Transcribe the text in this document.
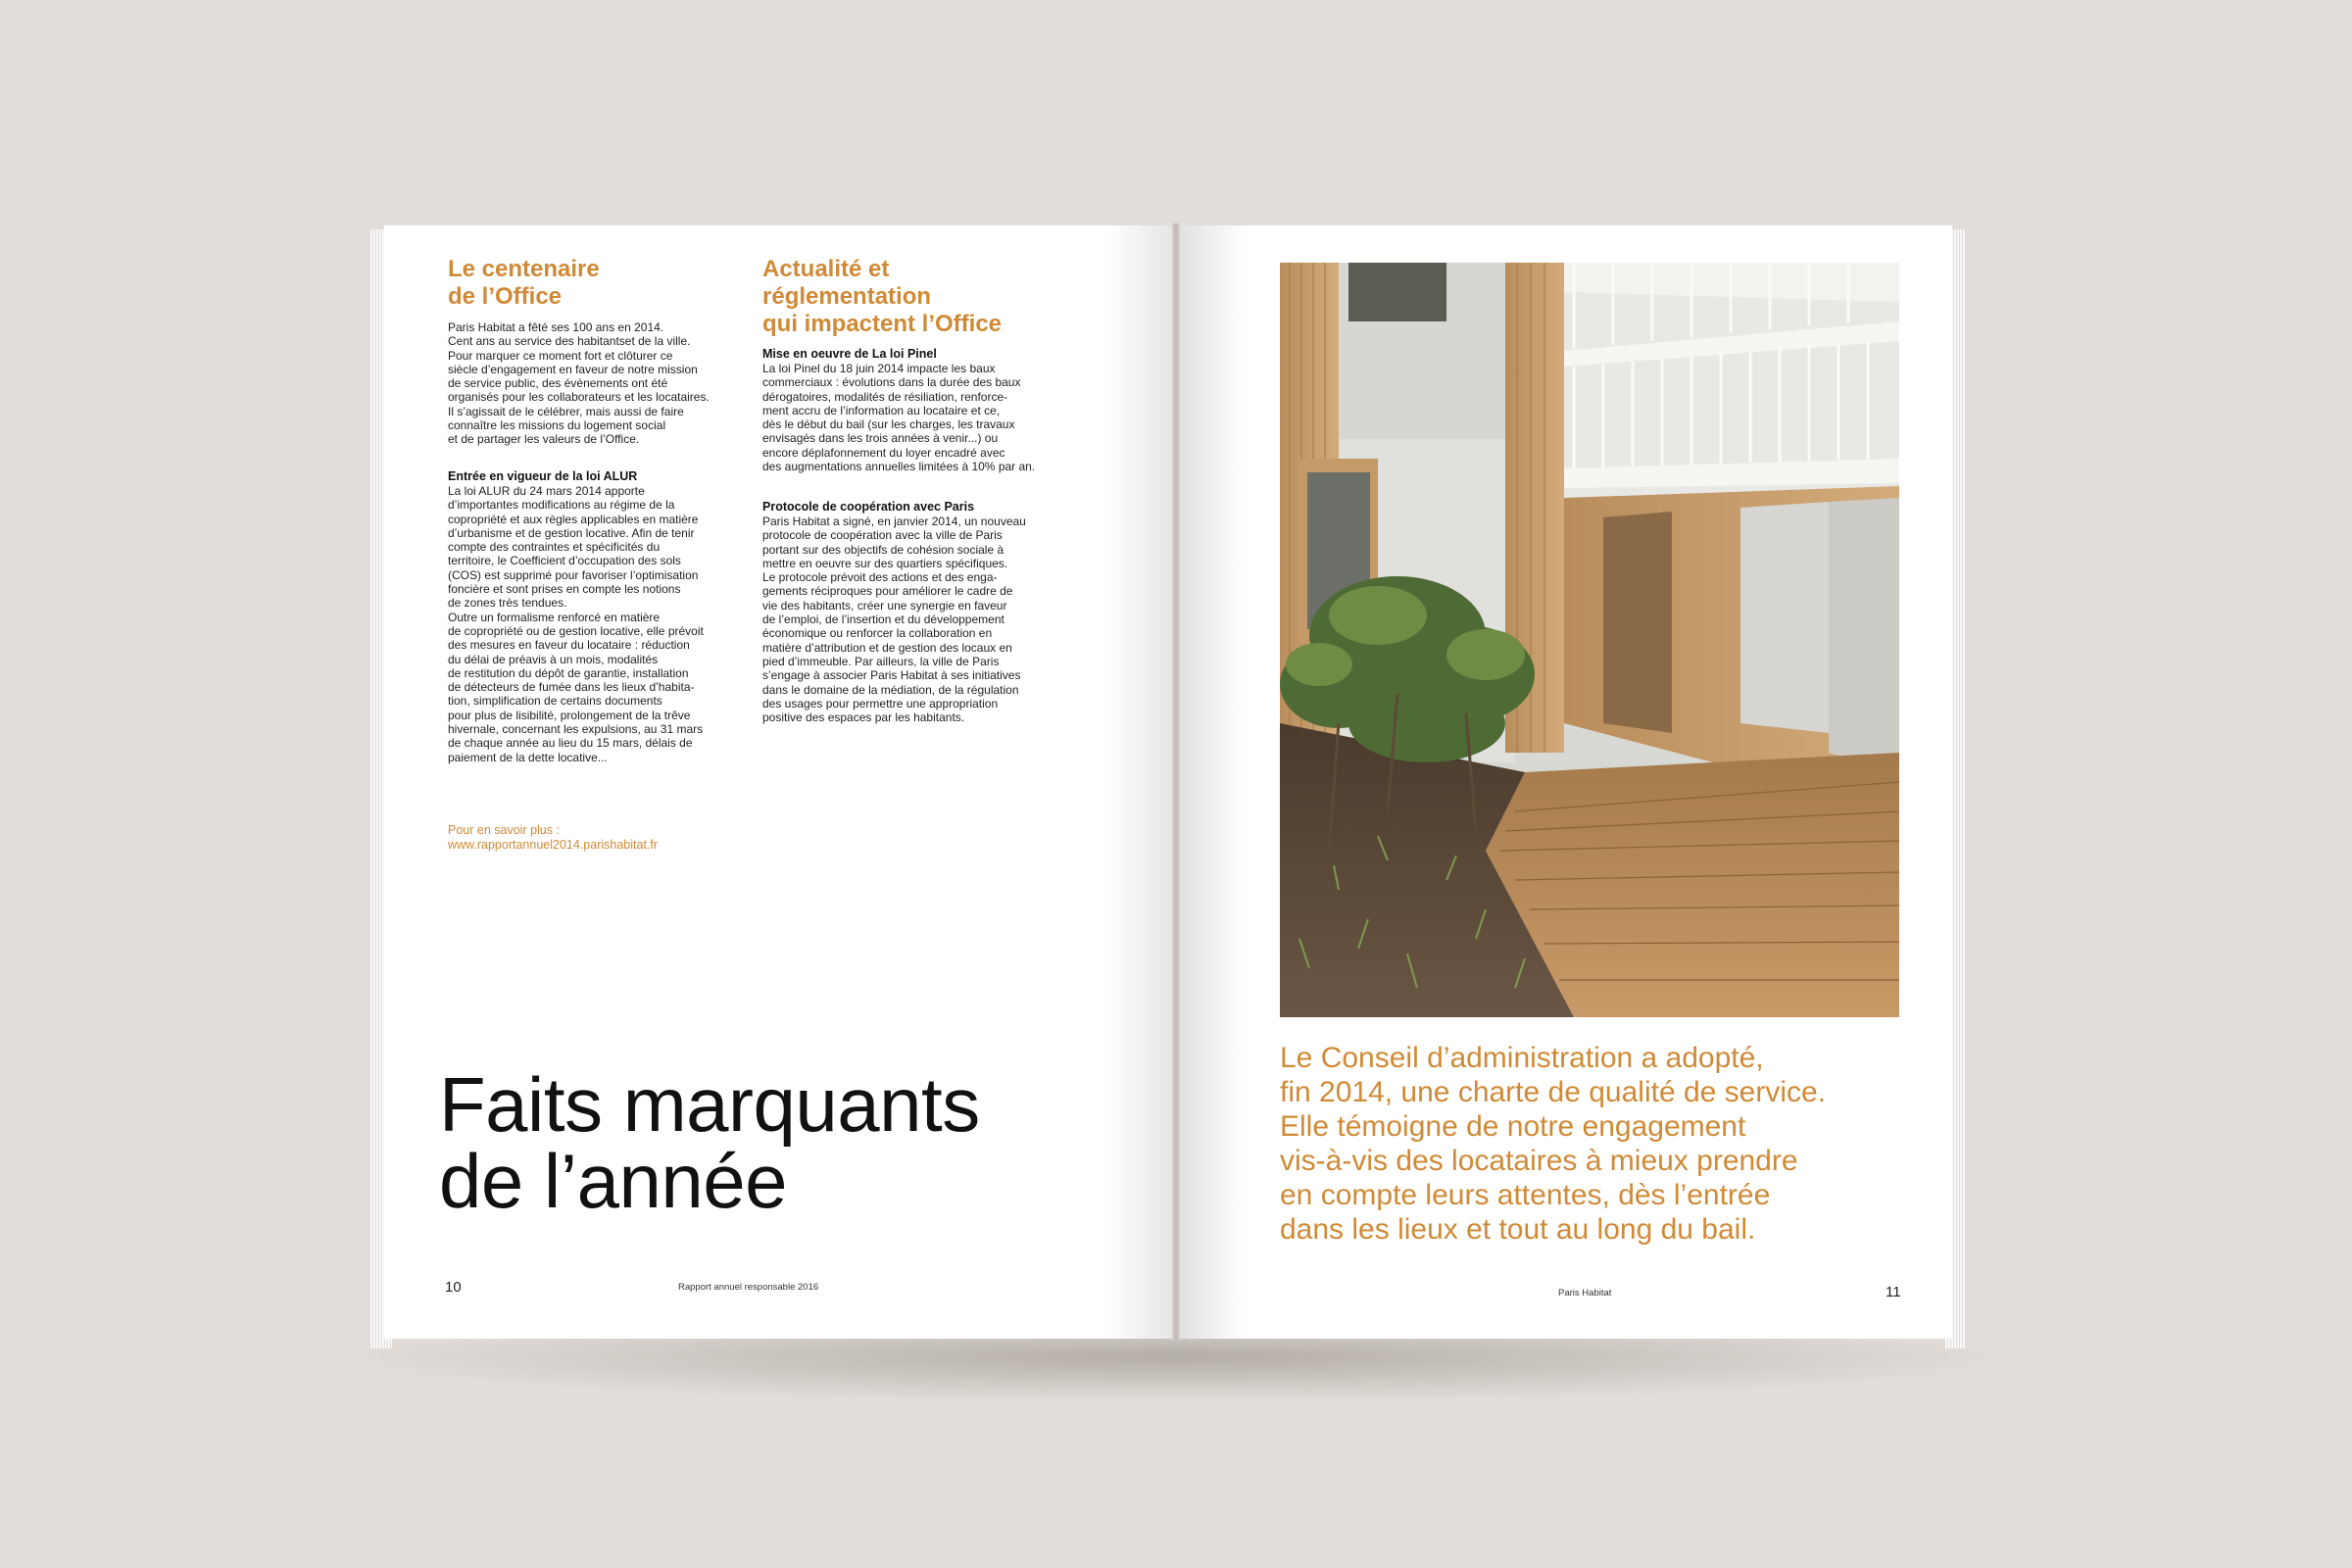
Le centenaire
de l’Office
Paris Habitat a fêté ses 100 ans en 2014.
Cent ans au service des habitantset de la ville.
Pour marquer ce moment fort et clôturer ce
siècle d’engagement en faveur de notre mission
de service public, des évènements ont été
organisés pour les collaborateurs et les locataires.
Il s’agissait de le célébrer, mais aussi de faire
connaître les missions du logement social
et de partager les valeurs de l’Office.
Entrée en vigueur de la loi ALUR
La loi ALUR du 24 mars 2014 apporte
d’importantes modifications au régime de la
copropriété et aux règles applicables en matière
d’urbanisme et de gestion locative. Afin de tenir
compte des contraintes et spécificités du
territoire, le Coefficient d’occupation des sols
(COS) est supprimé pour favoriser l’optimisation
foncière et sont prises en compte les notions
de zones très tendues.
Outre un formalisme renforcé en matière
de copropriété ou de gestion locative, elle prévoit
des mesures en faveur du locataire : réduction
du délai de préavis à un mois, modalités
de restitution du dépôt de garantie, installation
de détecteurs de fumée dans les lieux d’habita-
tion, simplification de certains documents
pour plus de lisibilité, prolongement de la trêve
hivernale, concernant les expulsions, au 31 mars
de chaque année au lieu du 15 mars, délais de
paiement de la dette locative...
Pour en savoir plus :
www.rapportannuel2014.parishabitat.fr
Actualité et
réglementation
qui impactent l’Office
Mise en oeuvre de La loi Pinel
La loi Pinel du 18 juin 2014 impacte les baux
commerciaux : évolutions dans la durée des baux
dérogatoires, modalités de résiliation, renforce-
ment accru de l’information au locataire et ce,
dès le début du bail (sur les charges, les travaux
envisagés dans les trois années à venir...) ou
encore déplafonnement du loyer encadré avec
des augmentations annuelles limitées à 10% par an.
Protocole de coopération avec Paris
Paris Habitat a signé, en janvier 2014, un nouveau
protocole de coopération avec la ville de Paris
portant sur des objectifs de cohésion sociale à
mettre en oeuvre sur des quartiers spécifiques.
Le protocole prévoit des actions et des enga-
gements réciproques pour améliorer le cadre de
vie des habitants, créer une synergie en faveur
de l’emploi, de l’insertion et du développement
économique ou renforcer la collaboration en
matière d’attribution et de gestion des locaux en
pied d’immeuble. Par ailleurs, la ville de Paris
s’engage à associer Paris Habitat à ses initiatives
dans le domaine de la médiation, de la régulation
des usages pour permettre une appropriation
positive des espaces par les habitants.
Faits marquants
de l’année
10	Rapport annuel responsable 2016
Le Conseil d’administration a adopté,
fin 2014, une charte de qualité de service.
Elle témoigne de notre engagement
vis-à-vis des locataires à mieux prendre
en compte leurs attentes, dès l’entrée
dans les lieux et tout au long du bail.
Paris Habitat	11
